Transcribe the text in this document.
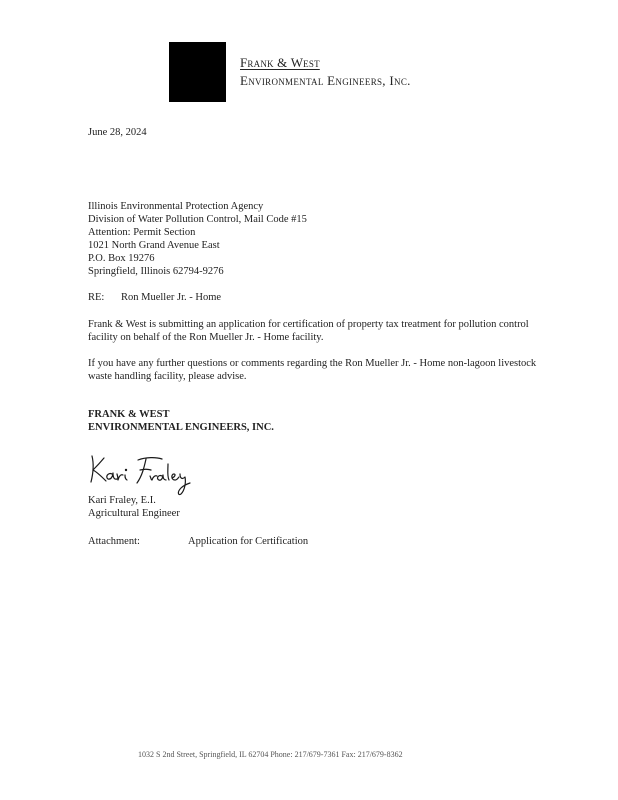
Frank & West
Environmental Engineers, Inc.
June 28, 2024
Illinois Environmental Protection Agency
Division of Water Pollution Control, Mail Code #15
Attention: Permit Section
1021 North Grand Avenue East
P.O. Box 19276
Springfield, Illinois 62794-9276
RE: Ron Mueller Jr. - Home

Frank & West is submitting an application for certification of property tax treatment for pollution control facility on behalf of the Ron Mueller Jr. - Home facility.

If you have any further questions or comments regarding the Ron Mueller Jr. - Home non-lagoon livestock waste handling facility, please advise.

FRANK & WEST
ENVIRONMENTAL ENGINEERS, INC.
Kari Fraley, E.I.
Agricultural Engineer
Attachment:	Application for Certification
1032 S 2nd Street, Springfield, IL 62704 Phone: 217/679-7361 Fax: 217/679-8362
